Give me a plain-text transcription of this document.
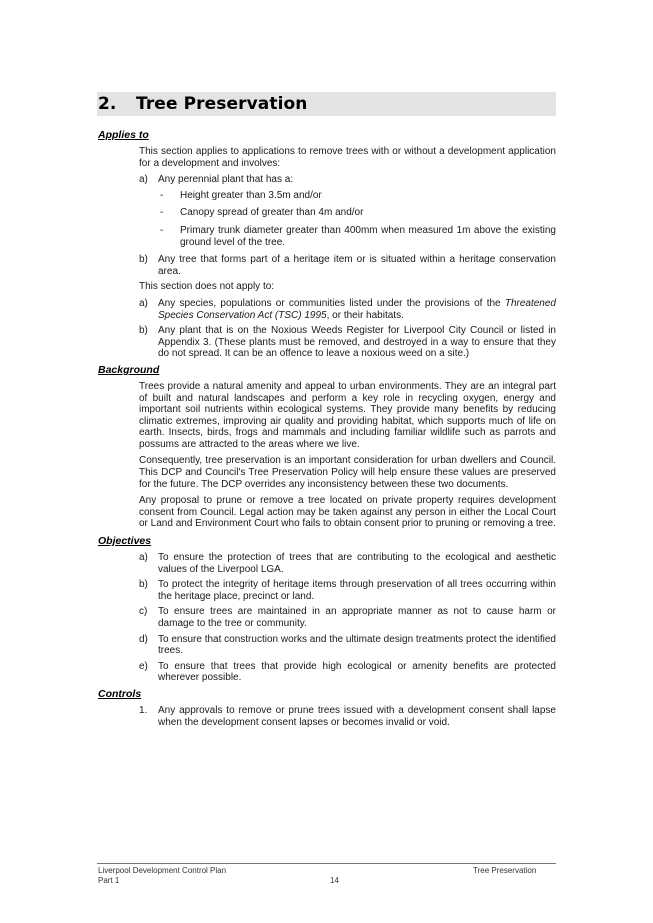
2. Tree Preservation
Applies to

This section applies to applications to remove trees with or without a development application for a development and involves:

a)	Any perennial plant that has a:
-	Height greater than 3.5m and/or
-	Canopy spread of greater than 4m and/or
-	Primary trunk diameter greater than 400mm when measured 1m above the existing ground level of the tree.
b)	Any tree that forms part of a heritage item or is situated within a heritage conservation area.

This section does not apply to:

a)	Any species, populations or communities listed under the provisions of the Threatened Species Conservation Act (TSC) 1995, or their habitats.
b)	Any plant that is on the Noxious Weeds Register for Liverpool City Council or listed in Appendix 3. (These plants must be removed, and destroyed in a way to ensure that they do not spread. It can be an offence to leave a noxious weed on a site.)
Background

Trees provide a natural amenity and appeal to urban environments. They are an integral part of built and natural landscapes and perform a key role in recycling oxygen, energy and important soil nutrients within ecological systems. They provide many benefits by reducing climatic extremes, improving air quality and providing habitat, which supports much of life on earth. Insects, birds, frogs and mammals and including familiar wildlife such as parrots and possums are attracted to the areas where we live.

Consequently, tree preservation is an important consideration for urban dwellers and Council. This DCP and Council's Tree Preservation Policy will help ensure these values are preserved for the future. The DCP overrides any inconsistency between these two documents.

Any proposal to prune or remove a tree located on private property requires development consent from Council. Legal action may be taken against any person in either the Local Court or Land and Environment Court who fails to obtain consent prior to pruning or removing a tree.

Objectives
a)	To ensure the protection of trees that are contributing to the ecological and aesthetic values of the Liverpool LGA.
b)	To protect the integrity of heritage items through preservation of all trees occurring within the heritage place, precinct or land.
c)	To ensure trees are maintained in an appropriate manner as not to cause harm or damage to the tree or community.
d)	To ensure that construction works and the ultimate design treatments protect the identified trees.
e)	To ensure that trees that provide high ecological or amenity benefits are protected wherever possible.
Controls
1.	Any approvals to remove or prune trees issued with a development consent shall lapse when the development consent lapses or becomes invalid or void.
Liverpool Development Control Plan
Part 1	14
Tree Preservation
